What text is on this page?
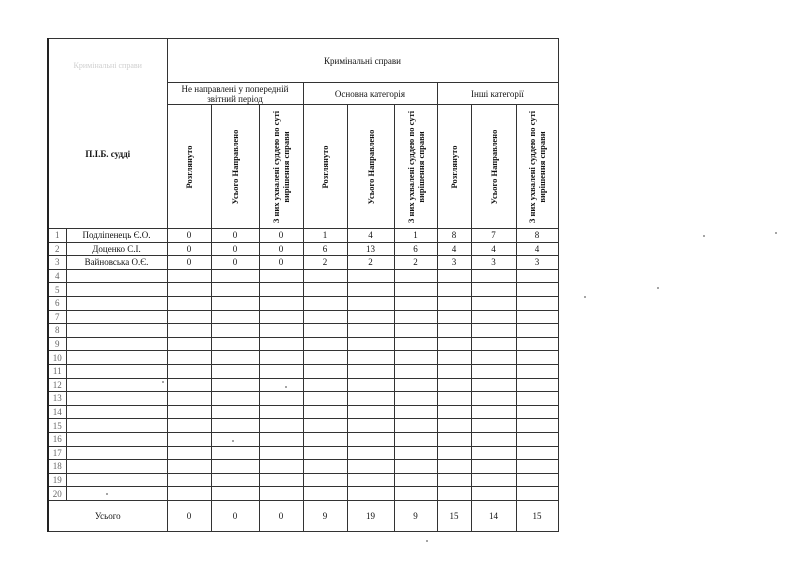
Кримінальні справи
П.І.Б. судді		Кримінальні справи								
		Не направлені у попередній звітний період			Основна категорія			Інші категорії		

		Розглянуто	Усього Направлено	З них ухвалені суддею по суті вирішення справи	Розглянуто	Усього Направлено	З них ухвалені суддею по суті вирішення справи	Розглянуто	Усього Направлено	З них ухвалені суддею по суті вирішення справи

1	Подліпенець Є.О.	0	0	0	1	4	1	8	7	8
2	Доценко С.І.	0	0	0	6	13	6	4	4	4
3	Вайновська О.Є.	0	0	0	2	2	2	3	3	3
4										
5										
6										
7										
8										
9										
10										
11										
12										
13										
14										
15										
16										
17										
18										
19										
20										
Усього		0	0	0	9	19	9	15	14	15
